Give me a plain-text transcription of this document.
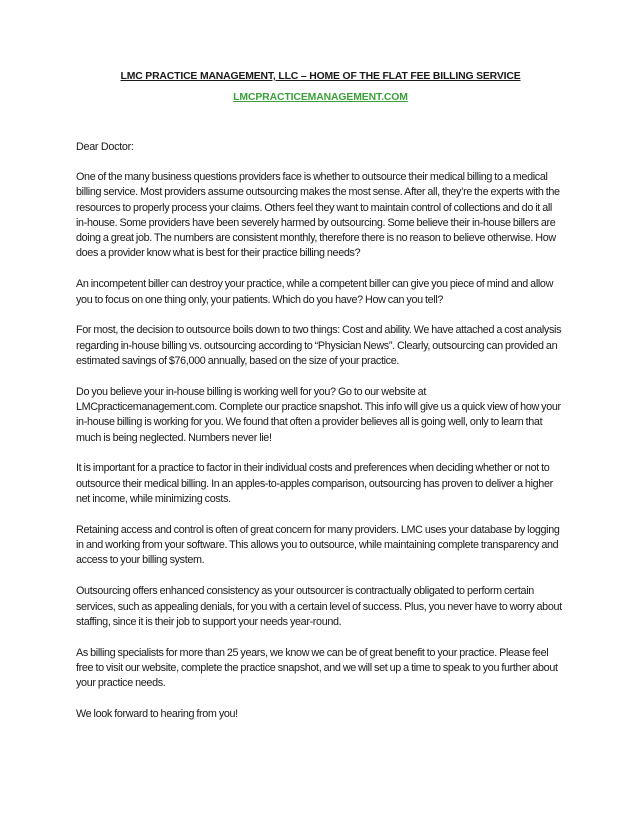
LMC PRACTICE MANAGEMENT, LLC – HOME OF THE FLAT FEE BILLING SERVICE
LMCPRACTICEMANAGEMENT.COM
Dear Doctor:

One of the many business questions providers face is whether to outsource their medical billing to a medical billing service. Most providers assume outsourcing makes the most sense. After all, they’re the experts with the resources to properly process your claims. Others feel they want to maintain control of collections and do it all in-house. Some providers have been severely harmed by outsourcing. Some believe their in-house billers are doing a great job. The numbers are consistent monthly, therefore there is no reason to believe otherwise. How does a provider know what is best for their practice billing needs?

An incompetent biller can destroy your practice, while a competent biller can give you piece of mind and allow you to focus on one thing only, your patients. Which do you have? How can you tell?

For most, the decision to outsource boils down to two things: Cost and ability. We have attached a cost analysis regarding in-house billing vs. outsourcing according to “Physician News”. Clearly, outsourcing can provided an estimated savings of $76,000 annually, based on the size of your practice.

Do you believe your in-house billing is working well for you? Go to our website at LMCpracticemanagement.com. Complete our practice snapshot. This info will give us a quick view of how your in-house billing is working for you. We found that often a provider believes all is going well, only to learn that much is being neglected. Numbers never lie!

It is important for a practice to factor in their individual costs and preferences when deciding whether or not to outsource their medical billing. In an apples-to-apples comparison, outsourcing has proven to deliver a higher net income, while minimizing costs.

Retaining access and control is often of great concern for many providers. LMC uses your database by logging in and working from your software. This allows you to outsource, while maintaining complete transparency and access to your billing system.

Outsourcing offers enhanced consistency as your outsourcer is contractually obligated to perform certain services, such as appealing denials, for you with a certain level of success. Plus, you never have to worry about staffing, since it is their job to support your needs year-round.

As billing specialists for more than 25 years, we know we can be of great benefit to your practice. Please feel free to visit our website, complete the practice snapshot, and we will set up a time to speak to you further about your practice needs.

We look forward to hearing from you!
